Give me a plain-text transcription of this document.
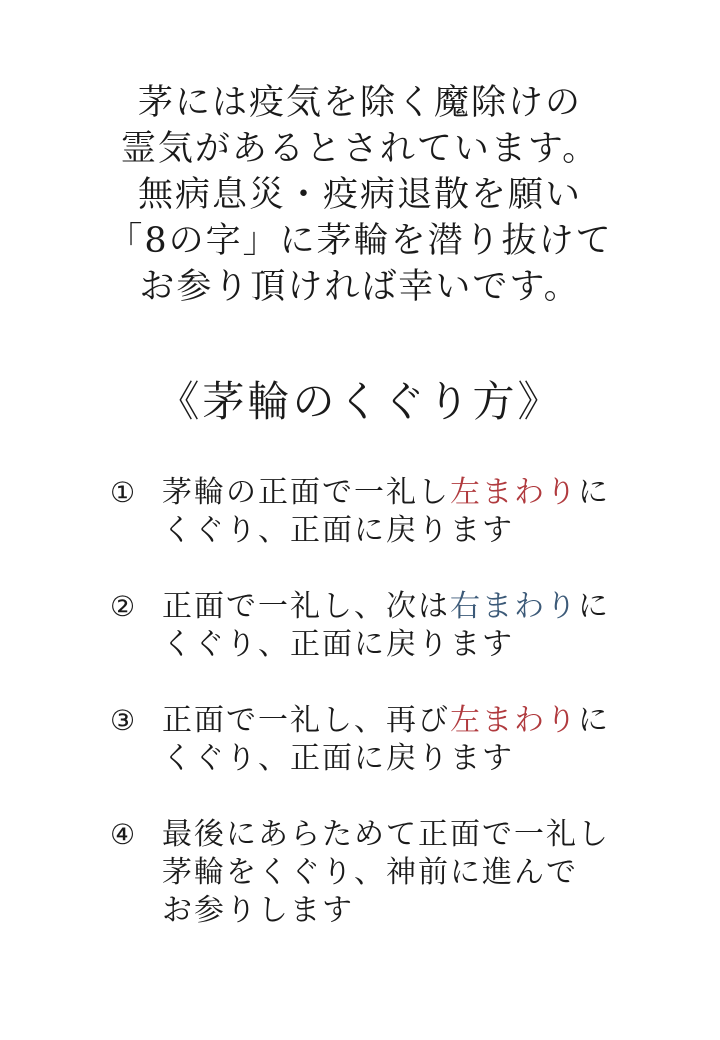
茅には疫気を除く魔除けの
霊気があるとされています。
無病息災・疫病退散を願い
「8の字」に茅輪を潜り抜けて
お参り頂ければ幸いです。
《茅輪のくぐり方》
① 茅輪の正面で一礼し左まわりに
くぐり、正面に戻ります
② 正面で一礼し、次は右まわりに
くぐり、正面に戻ります
③ 正面で一礼し、再び左まわりに
くぐり、正面に戻ります
④ 最後にあらためて正面で一礼し
茅輪をくぐり、神前に進んで
お参りします
